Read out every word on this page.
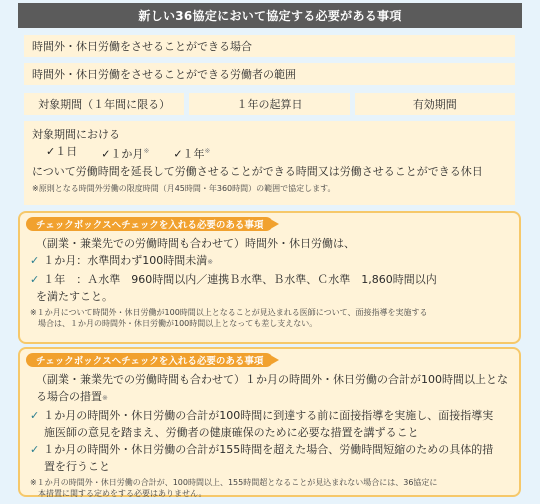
新しい36協定において協定する必要がある事項
時間外・休日労働をさせることができる場合
時間外・休日労働をさせることができる労働者の範囲
対象期間（１年間に限る）	１年の起算日	有効期間
対象期間における
✓１日 ✓１か月※ ✓１年※
について労働時間を延長して労働させることができる時間又は労働させることができる休日
※原則となる時間外労働の限度時間（月45時間・年360時間）の範囲で協定します。
チェックボックスへチェックを入れる必要のある事項
（副業・兼業先での労働時間も合わせて）時間外・休日労働は、
✓ １か月：水準問わず100時間未満※
✓ １年　：Ａ水準　960時間以内／連携Ｂ水準、Ｂ水準、Ｃ水準　1,860時間以内
を満たすこと。
※１か月について時間外・休日労働が100時間以上となることが見込まれる医師について、面接指導を実施する
　場合は、１か月の時間外・休日労働が100時間以上となっても差し支えない。
チェックボックスへチェックを入れる必要のある事項
（副業・兼業先での労働時間も合わせて）１か月の時間外・休日労働の合計が100時間以上とな
る場合の措置※
✓ １か月の時間外・休日労働の合計が100時間に到達する前に面接指導を実施し、面接指導実
施医師の意見を踏まえ、労働者の健康確保のために必要な措置を講ずること
✓ １か月の時間外・休日労働の合計が155時間を超えた場合、労働時間短縮のための具体的措
置を行うこと
※１か月の時間外・休日労働の合計が、100時間以上、155時間超となることが見込まれない場合には、36協定に
　本措置に関する定めをする必要はありません。
